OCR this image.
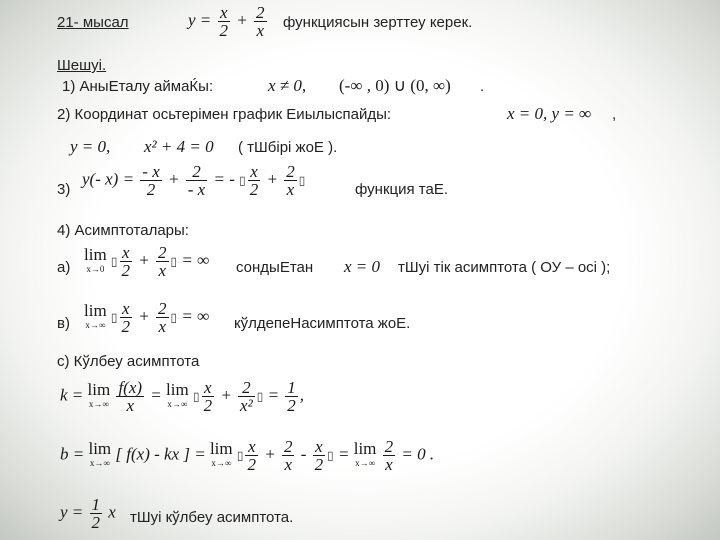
21- мысал	$y = \frac{x}{2} + \frac{2}{x}$ функциясын зерттеу керек.
Шешуі.
1) АныЕталу аймаЌы:	x ≠ 0, (-∞ , 0) ∪ (0, ∞) .
2) Координат осьтерімен график Еиылыспайды:	x = 0, y = ∞ ,
y = 0, x² + 4 = 0 ( тШбірі жоЕ ).
3)
y(- $x) = \frac{- x}{2} + \frac{2}{- x}$ = - ▯ $\frac{x}{2} + \frac{2}{x}$ ▯
функция таЕ.
4) Асимптоталары:
а)
lim
x→0
▯ $\frac{x}{2} + \frac{2}{x}$ ▯ = ∞ сондыЕтан x = 0 тШуі тік асимптота ( ОУ – осі );
в)
lim
x→∞
▯ $\frac{x}{2} + \frac{2}{x}$ ▯ = ∞ кўлдепеНасимптота жоЕ.
с) Кўлбеу асимптота
k = lim
x→∞
$\frac{f(x)}{x} = \lim$
x→∞
▯ $\frac{x}{2} + \frac{2}{\text{x²}}$ ▯ = $\frac{1}{2}$ ,
b = lim
x→∞ [ f(x) - kx ] = lim
x→∞
▯ $\frac{x}{2} + \frac{2}{x} - \frac{x}{2}$ ▯ = lim
x→∞
$\frac{2}{x} = 0$ .
$y = \frac{1}{2}$ x тШуі кўлбеу асимптота.
